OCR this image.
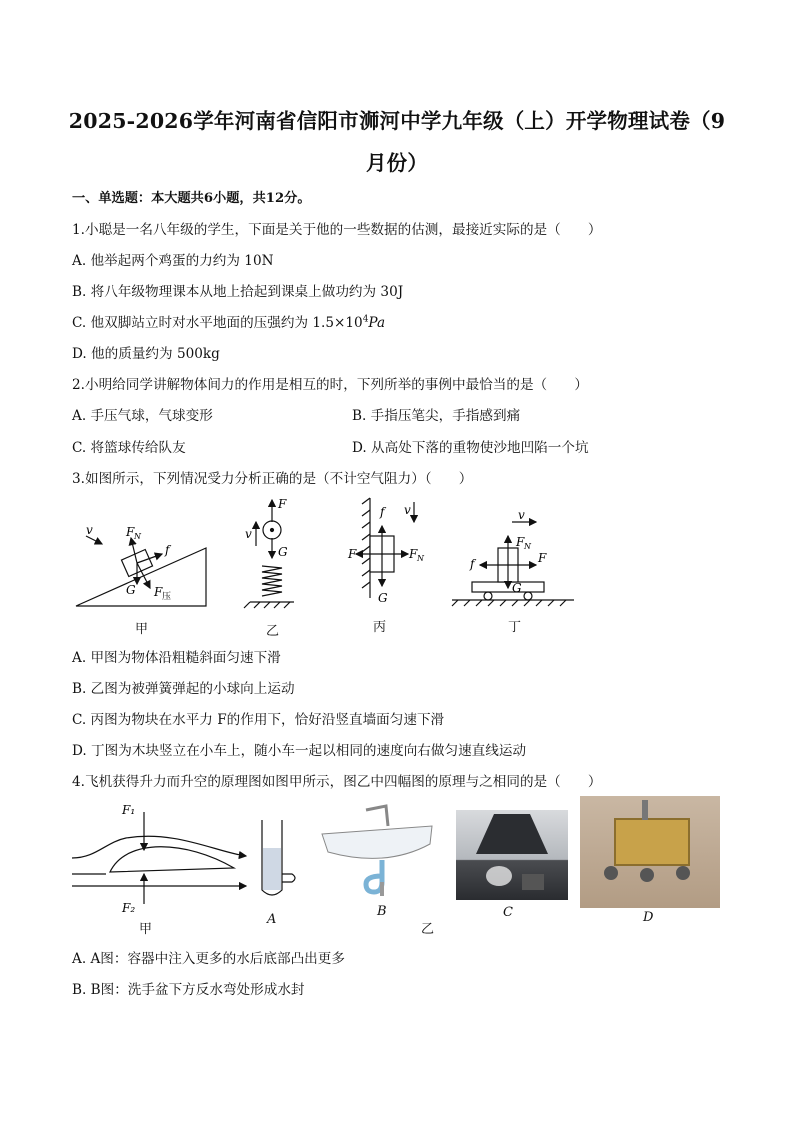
2025-2026学年河南省信阳市浉河中学九年级（上）开学物理试卷（9
月份）
一、单选题：本大题共6小题，共12分。
1.小聪是一名八年级的学生，下面是关于他的一些数据的估测，最接近实际的是（　　）
A. 他举起两个鸡蛋的力约为 10N
B. 将八年级物理课本从地上拾起到课桌上做功约为 30J
C. 他双脚站立时对水平地面的压强约为 $1.5\times 10^4Pa$
D. 他的质量约为 500kg
2.小明给同学讲解物体间力的作用是相互的时，下列所举的事例中最恰当的是（　　）
A. 手压气球，气球变形	B. 手指压笔尖，手指感到痛
C. 将篮球传给队友	D. 从高处下落的重物使沙地凹陷一个坑
3.如图所示，下列情况受力分析正确的是（不计空气阻力）（　　）
F N
f
G F 压
v
F
G
v
f v
F	F N
G
v
F N
f	F
G
甲	乙	丙	丁
A. 甲图为物体沿粗糙斜面匀速下滑
B. 乙图为被弹簧弹起的小球向上运动
C. 丙图为物块在水平力 F的作用下，恰好沿竖直墙面匀速下滑
D. 丁图为木块竖立在小车上，随小车一起以相同的速度向右做匀速直线运动
4.飞机获得升力而升空的原理图如图甲所示，图乙中四幅图的原理与之相同的是（　　）
F₁
F₂
甲
A
B
乙
C	D
A. A图：容器中注入更多的水后底部凸出更多
B. B图：洗手盆下方反水弯处形成水封
